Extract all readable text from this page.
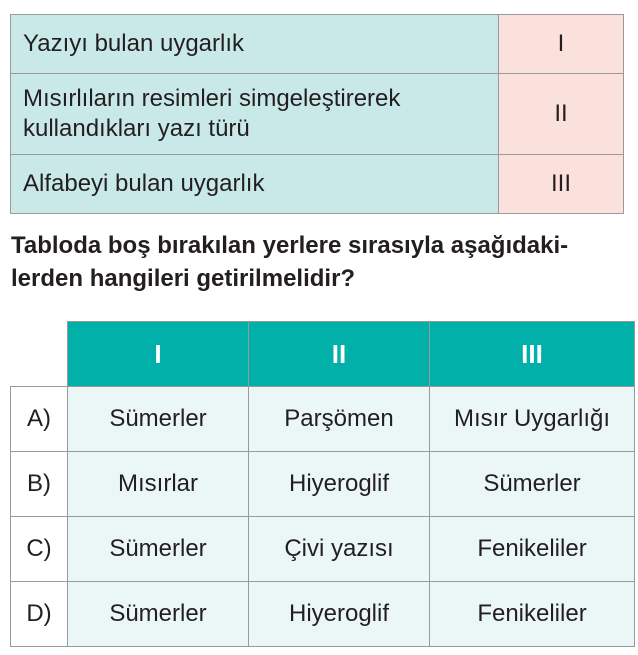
Yazıyı bulan uygarlık	I
Mısırlıların resimleri simgeleştirerek
kullandıkları yazı türü	II
Alfabeyi bulan uygarlık	III

Tabloda boş bırakılan yerlere sırasıyla aşağıdaki-
lerden hangileri getirilmelidir?

	I	II	III
A)	Sümerler	Parşömen	Mısır Uygarlığı
B)	Mısırlar	Hiyeroglif	Sümerler
C)	Sümerler	Çivi yazısı	Fenikeliler
D)	Sümerler	Hiyeroglif	Fenikeliler
